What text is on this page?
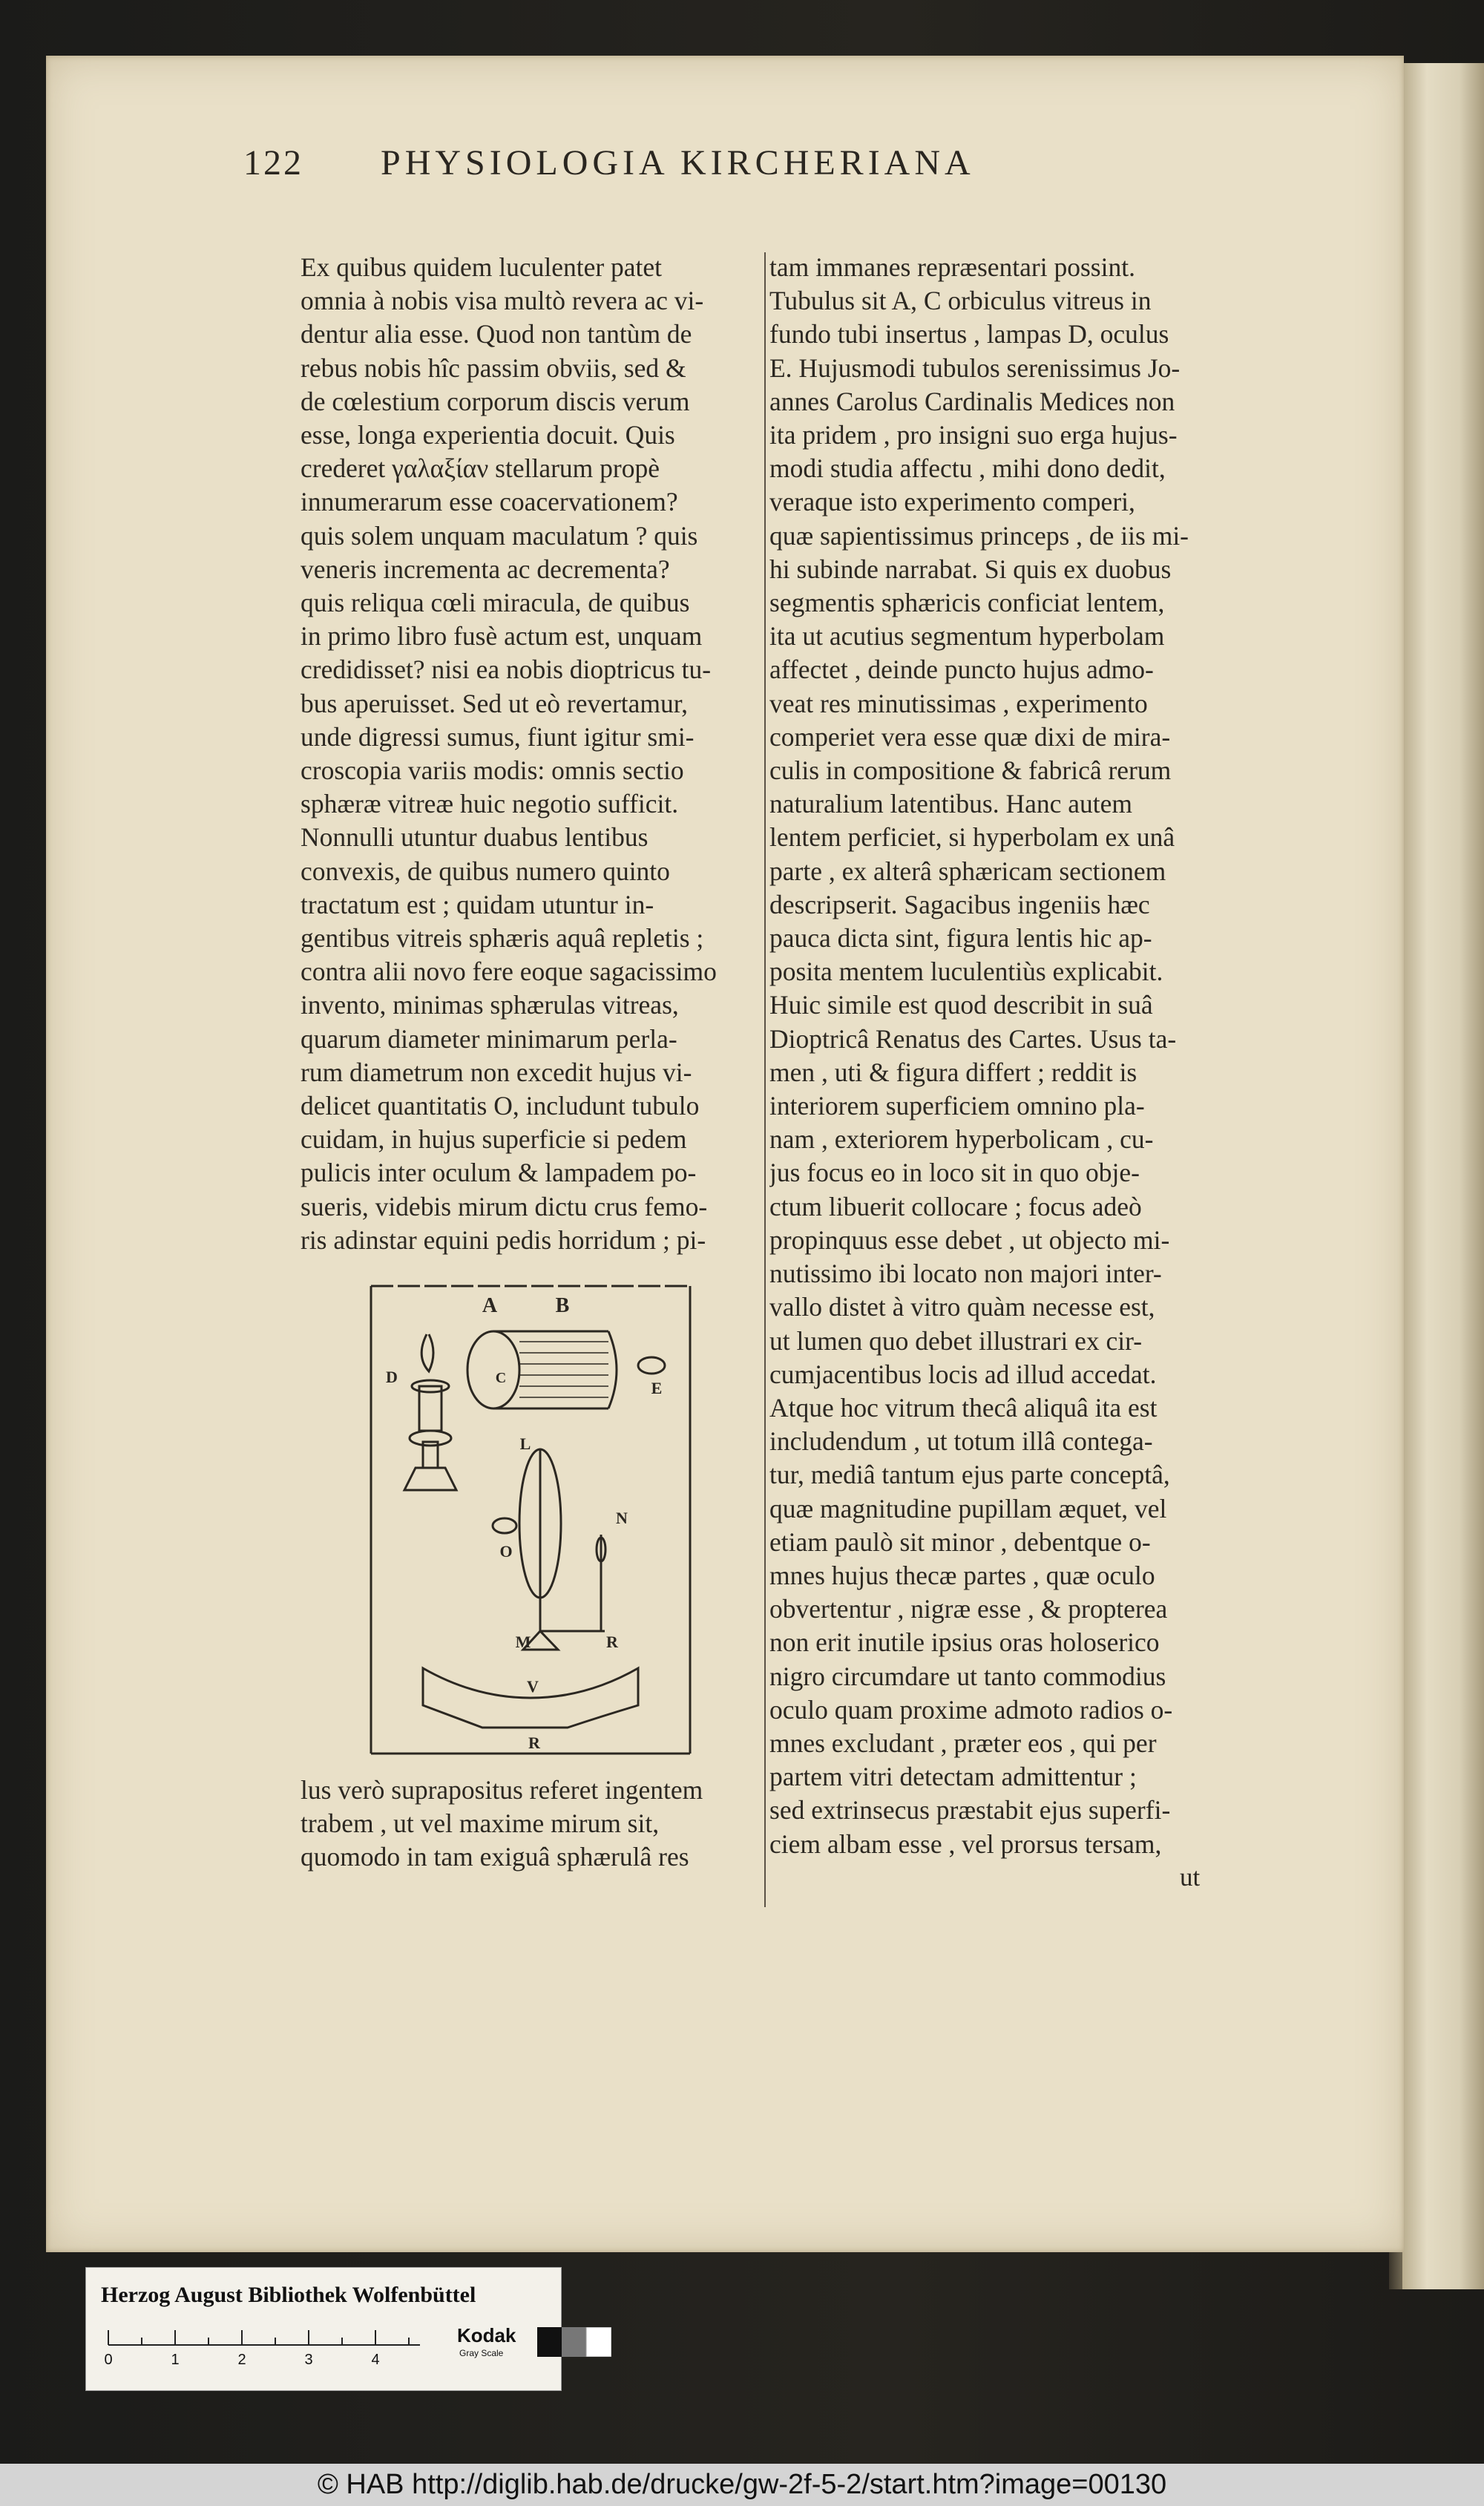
122 PHYSIOLOGIA KIRCHERIANA
Ex quibus quidem luculenter patet
omnia à nobis visa multò revera ac vi-
dentur alia esse. Quod non tantùm de
rebus nobis hîc passim obviis, sed &
de cœlestium corporum discis verum
esse, longa experientia docuit. Quis
crederet γαλαξίαν stellarum propè
innumerarum esse coacervationem?
quis solem unquam maculatum ? quis
veneris incrementa ac decrementa?
quis reliqua cœli miracula, de quibus
in primo libro fusè actum est, unquam
credidisset? nisi ea nobis dioptricus tu-
bus aperuisset. Sed ut eò revertamur,
unde digressi sumus, fiunt igitur smi-
croscopia variis modis: omnis sectio
sphæræ vitreæ huic negotio sufficit.
Nonnulli utuntur duabus lentibus
convexis, de quibus numero quinto
tractatum est ; quidam utuntur in-
gentibus vitreis sphæris aquâ repletis ;
contra alii novo fere eoque sagacissimo
invento, minimas sphærulas vitreas,
quarum diameter minimarum perla-
rum diametrum non excedit hujus vi-
delicet quantitatis O, includunt tubulo
cuidam, in hujus superficie si pedem
pulicis inter oculum & lampadem po-
sueris, videbis mirum dictu crus femo-
ris adinstar equini pedis horridum ; pi-
tam immanes repræsentari possint.
Tubulus sit A, C orbiculus vitreus in
fundo tubi insertus , lampas D, oculus
E. Hujusmodi tubulos serenissimus Jo-
annes Carolus Cardinalis Medices non
ita pridem , pro insigni suo erga hujus-
modi studia affectu , mihi dono dedit,
veraque isto experimento comperi,
quæ sapientissimus princeps , de iis mi-
hi subinde narrabat. Si quis ex duobus
segmentis sphæricis conficiat lentem,
ita ut acutius segmentum hyperbolam
affectet , deinde puncto hujus admo-
veat res minutissimas , experimento
comperiet vera esse quæ dixi de mira-
culis in compositione & fabricâ rerum
naturalium latentibus. Hanc autem
lentem perficiet, si hyperbolam ex unâ
parte , ex alterâ sphæricam sectionem
descripserit. Sagacibus ingeniis hæc
pauca dicta sint, figura lentis hic ap-
posita mentem luculentiùs explicabit.
Huic simile est quod describit in suâ
Dioptricâ Renatus des Cartes. Usus ta-
men , uti & figura differt ; reddit is
interiorem superficiem omnino pla-
nam , exteriorem hyperbolicam , cu-
jus focus eo in loco sit in quo obje-
ctum libuerit collocare ; focus adeò
propinquus esse debet , ut objecto mi-
nutissimo ibi locato non majori inter-
vallo distet à vitro quàm necesse est,
ut lumen quo debet illustrari ex cir-
cumjacentibus locis ad illud accedat.
Atque hoc vitrum thecâ aliquâ ita est
includendum , ut totum illâ contega-
tur, mediâ tantum ejus parte conceptâ,
quæ magnitudine pupillam æquet, vel
etiam paulò sit minor , debentque o-
mnes hujus thecæ partes , quæ oculo
obvertentur , nigræ esse , & propterea
non erit inutile ipsius oras holoserico
nigro circumdare ut tanto commodius
oculo quam proxime admoto radios o-
mnes excludant , præter eos , qui per
partem vitri detectam admittentur ;
sed extrinsecus præstabit ejus superfi-
ciem albam esse , vel prorsus tersam,
A	B
C
D
E
L
N
O
M	R
V
R
lus verò suprapositus referet ingentem
trabem , ut vel maxime mirum sit,
quomodo in tam exiguâ sphærulâ res
ut
Herzog August Bibliothek Wolfenbüttel
0	1	2	3	4
Kodak
Gray Scale
© HAB http://diglib.hab.de/drucke/gw-2f-5-2/start.htm?image=00130
